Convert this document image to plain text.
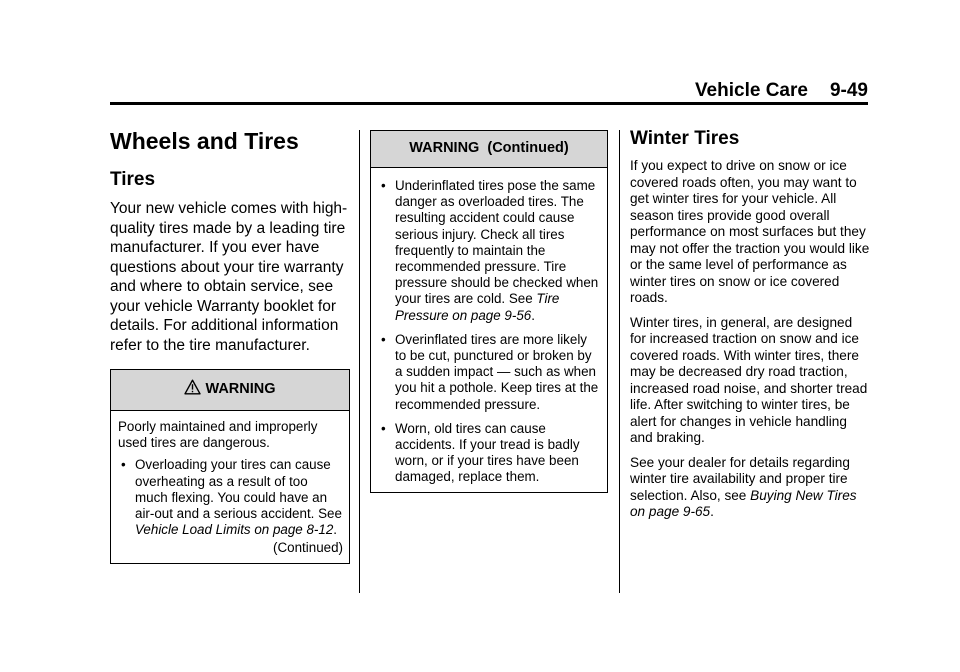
Vehicle Care 9-49
Wheels and Tires
Tires

Your new vehicle comes with high-quality tires made by a leading tire manufacturer. If you ever have questions about your tire warranty and where to obtain service, see your vehicle Warranty booklet for details. For additional information refer to the tire manufacturer.

WARNING

Poorly maintained and improperly used tires are dangerous.

• Overloading your tires can cause overheating as a result of too much flexing. You could have an air-out and a serious accident. See Vehicle Load Limits on page 8-12.
(Continued)
WARNING  (Continued)
• Underinflated tires pose the same danger as overloaded tires. The resulting accident could cause serious injury. Check all tires frequently to maintain the recommended pressure. Tire pressure should be checked when your tires are cold. See Tire Pressure on page 9-56.
• Overinflated tires are more likely to be cut, punctured or broken by a sudden impact — such as when you hit a pothole. Keep tires at the recommended pressure.
• Worn, old tires can cause accidents. If your tread is badly worn, or if your tires have been damaged, replace them.
Winter Tires

If you expect to drive on snow or ice covered roads often, you may want to get winter tires for your vehicle. All season tires provide good overall performance on most surfaces but they may not offer the traction you would like or the same level of performance as winter tires on snow or ice covered roads.

Winter tires, in general, are designed for increased traction on snow and ice covered roads. With winter tires, there may be decreased dry road traction, increased road noise, and shorter tread life. After switching to winter tires, be alert for changes in vehicle handling and braking.

See your dealer for details regarding winter tire availability and proper tire selection. Also, see Buying New Tires on page 9-65.
